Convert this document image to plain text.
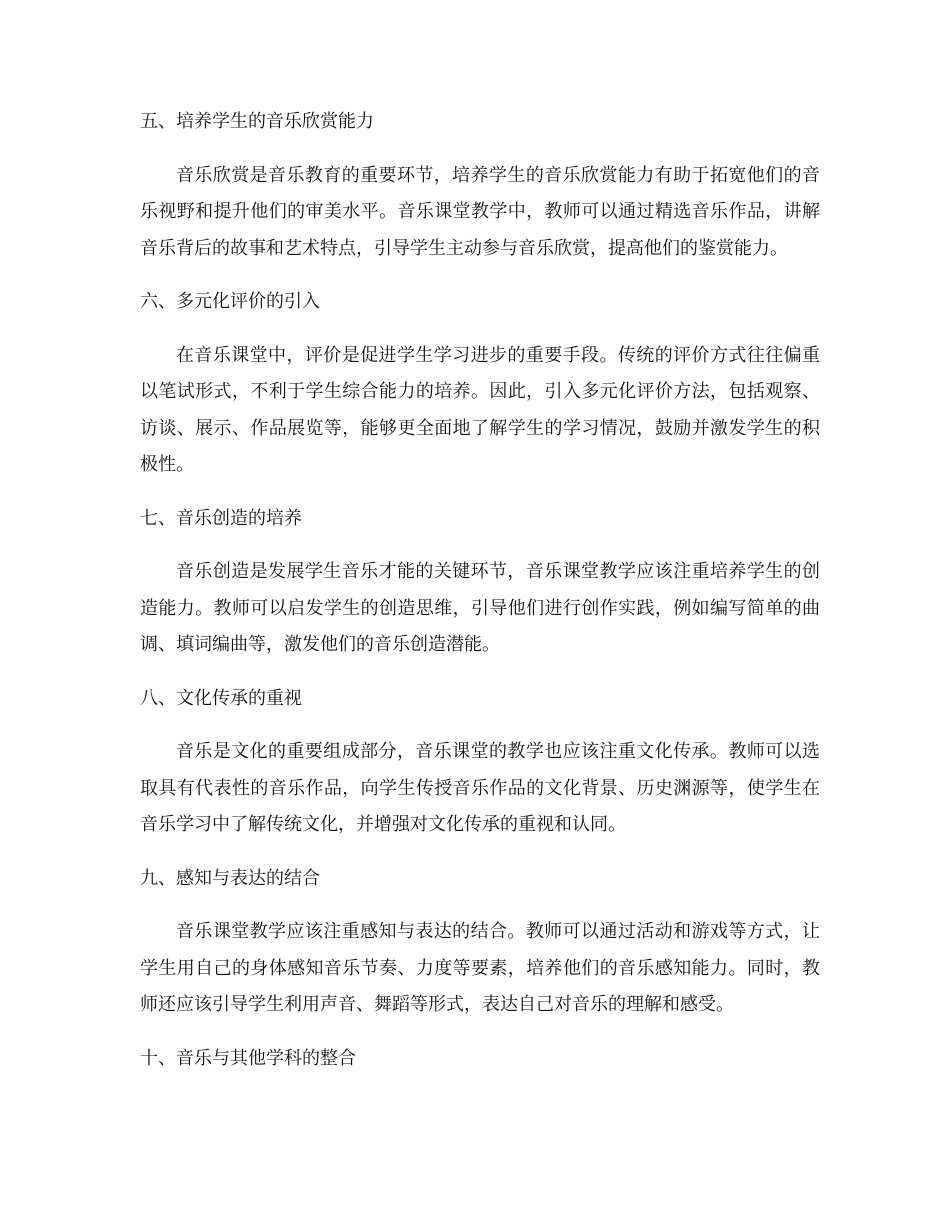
五、培养学生的音乐欣赏能力
音乐欣赏是音乐教育的重要环节，培养学生的音乐欣赏能力有助于拓宽他们的音乐视野和提升他们的审美水平。音乐课堂教学中，教师可以通过精选音乐作品，讲解音乐背后的故事和艺术特点，引导学生主动参与音乐欣赏，提高他们的鉴赏能力。
六、多元化评价的引入
在音乐课堂中，评价是促进学生学习进步的重要手段。传统的评价方式往往偏重以笔试形式，不利于学生综合能力的培养。因此，引入多元化评价方法，包括观察、访谈、展示、作品展览等，能够更全面地了解学生的学习情况，鼓励并激发学生的积极性。
七、音乐创造的培养
音乐创造是发展学生音乐才能的关键环节，音乐课堂教学应该注重培养学生的创造能力。教师可以启发学生的创造思维，引导他们进行创作实践，例如编写简单的曲调、填词编曲等，激发他们的音乐创造潜能。
八、文化传承的重视
音乐是文化的重要组成部分，音乐课堂的教学也应该注重文化传承。教师可以选取具有代表性的音乐作品，向学生传授音乐作品的文化背景、历史渊源等，使学生在音乐学习中了解传统文化，并增强对文化传承的重视和认同。
九、感知与表达的结合
音乐课堂教学应该注重感知与表达的结合。教师可以通过活动和游戏等方式，让学生用自己的身体感知音乐节奏、力度等要素，培养他们的音乐感知能力。同时，教师还应该引导学生利用声音、舞蹈等形式，表达自己对音乐的理解和感受。
十、音乐与其他学科的整合
